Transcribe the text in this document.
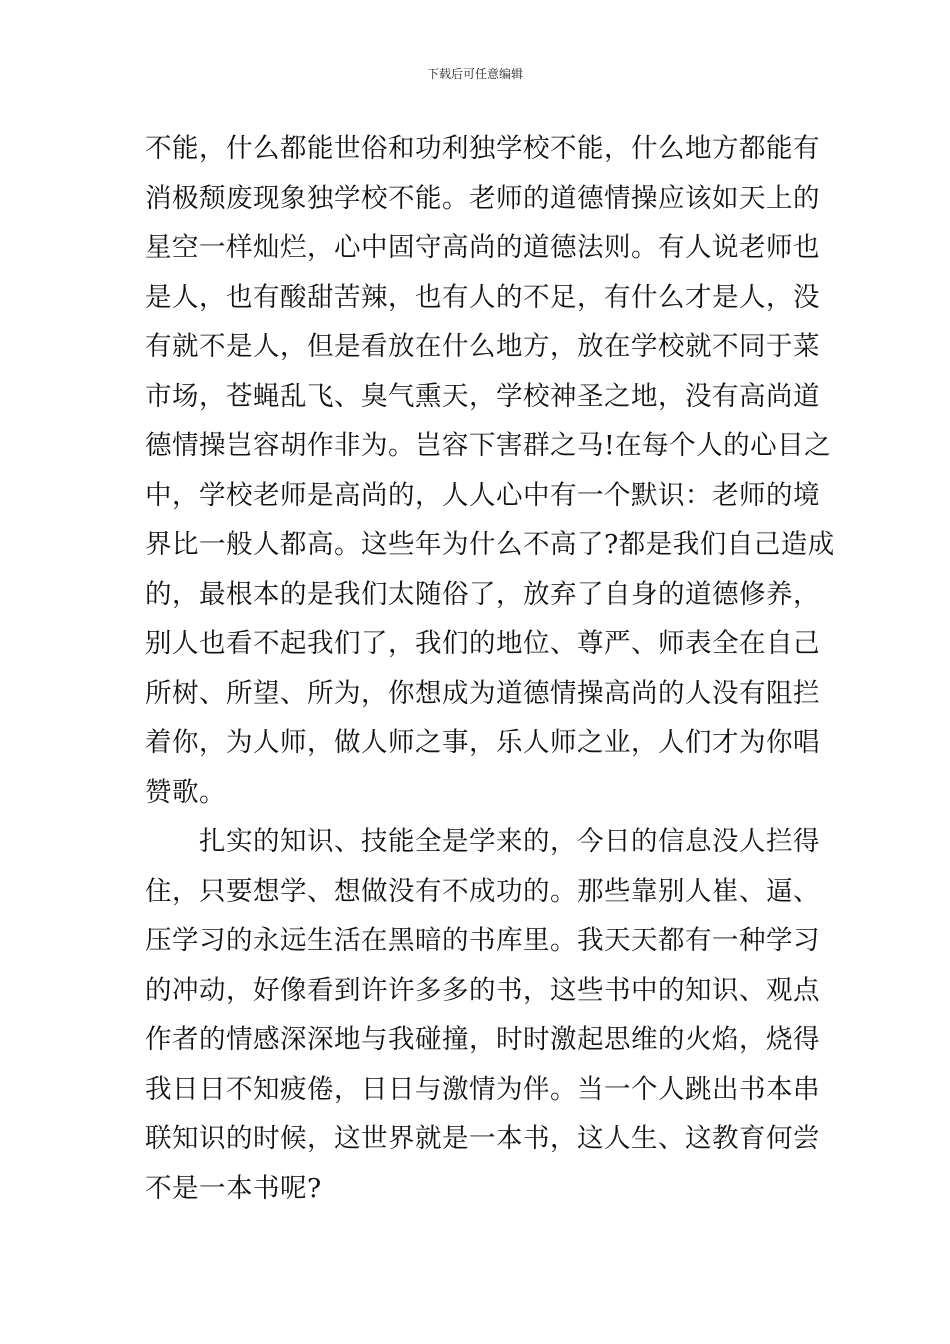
下载后可任意编辑
不能，什么都能世俗和功利独学校不能，什么地方都能有
消极颓废现象独学校不能。老师的道德情操应该如天上的
星空一样灿烂，心中固守高尚的道德法则。有人说老师也
是人，也有酸甜苦辣，也有人的不足，有什么才是人，没
有就不是人，但是看放在什么地方，放在学校就不同于菜
市场，苍蝇乱飞、臭气熏天，学校神圣之地，没有高尚道
德情操岂容胡作非为。岂容下害群之马!在每个人的心目之
中，学校老师是高尚的，人人心中有一个默识：老师的境
界比一般人都高。这些年为什么不高了?都是我们自己造成
的，最根本的是我们太随俗了，放弃了自身的道德修养，
别人也看不起我们了，我们的地位、尊严、师表全在自己
所树、所望、所为，你想成为道德情操高尚的人没有阻拦
着你，为人师，做人师之事，乐人师之业，人们才为你唱
赞歌。
　　扎实的知识、技能全是学来的，今日的信息没人拦得
住，只要想学、想做没有不成功的。那些靠别人崔、逼、
压学习的永远生活在黑暗的书库里。我天天都有一种学习
的冲动，好像看到许许多多的书，这些书中的知识、观点
作者的情感深深地与我碰撞，时时激起思维的火焰，烧得
我日日不知疲倦，日日与激情为伴。当一个人跳出书本串
联知识的时候，这世界就是一本书，这人生、这教育何尝
不是一本书呢?
